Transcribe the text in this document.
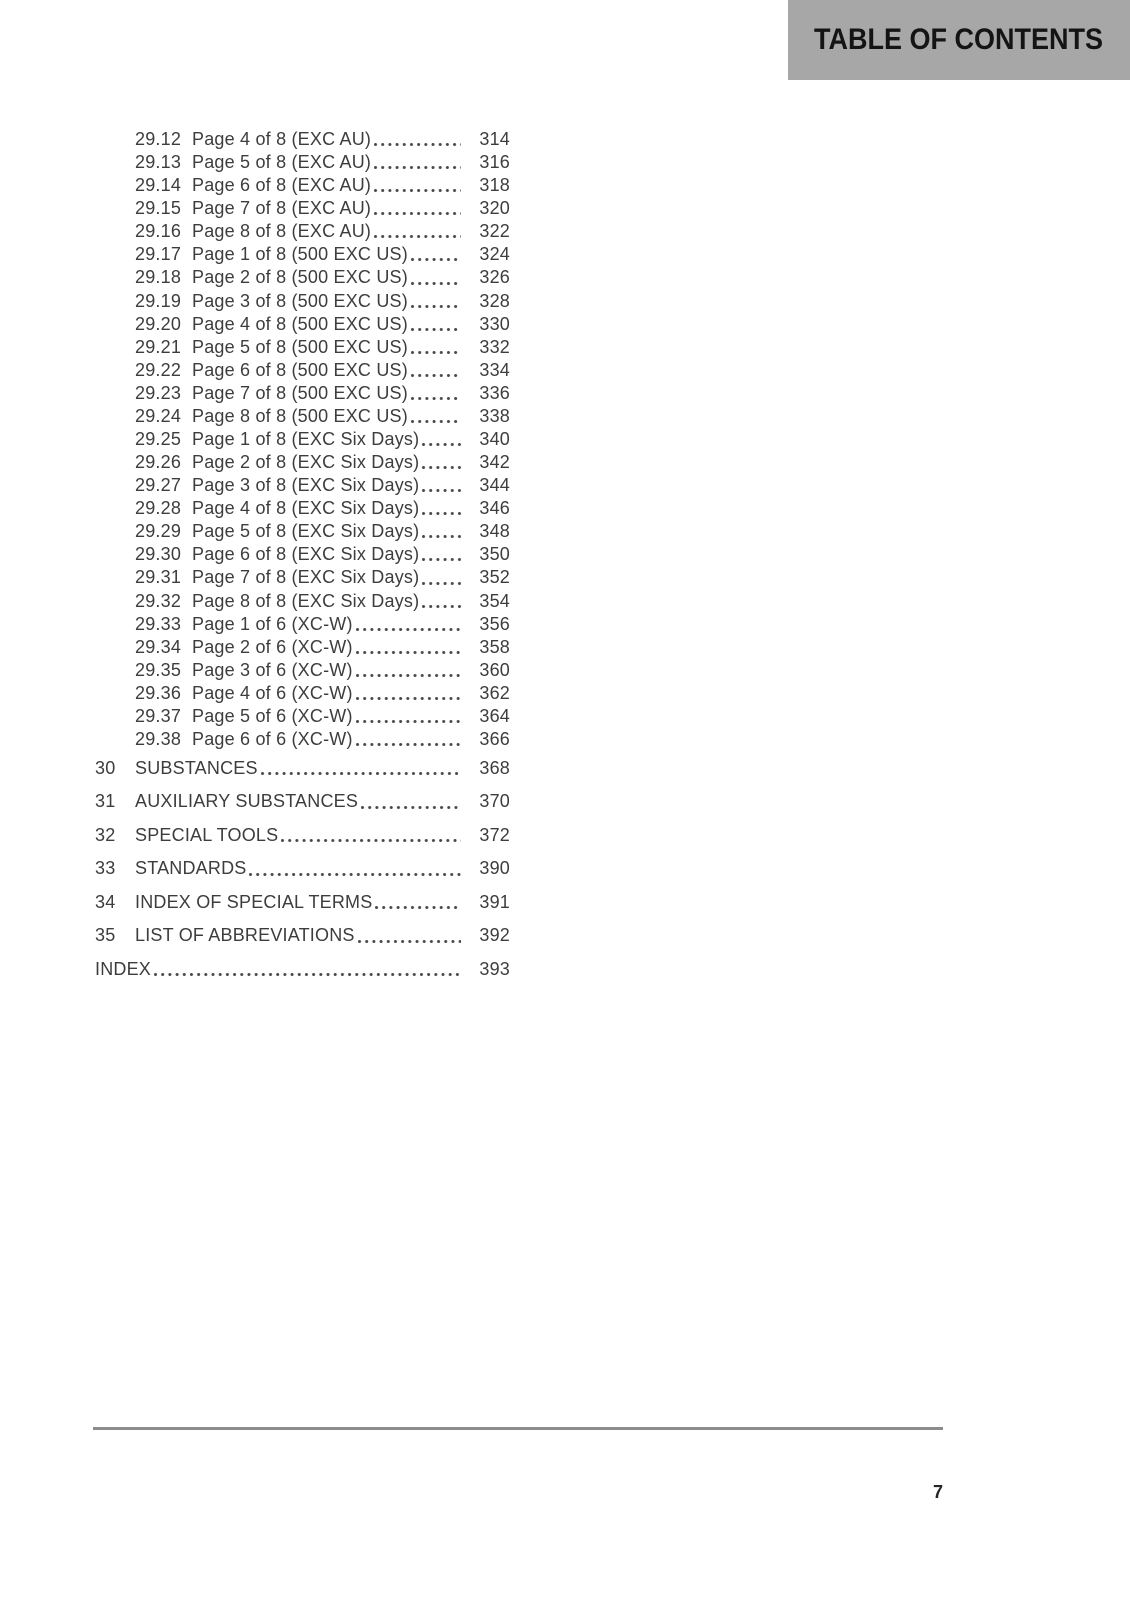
TABLE OF CONTENTS
29.12 Page 4 of 8 (EXC AU)	314
29.13 Page 5 of 8 (EXC AU)	316
29.14 Page 6 of 8 (EXC AU)	318
29.15 Page 7 of 8 (EXC AU)	320
29.16 Page 8 of 8 (EXC AU)	322
29.17 Page 1 of 8 (500 EXC US)	324
29.18 Page 2 of 8 (500 EXC US)	326
29.19 Page 3 of 8 (500 EXC US)	328
29.20 Page 4 of 8 (500 EXC US)	330
29.21 Page 5 of 8 (500 EXC US)	332
29.22 Page 6 of 8 (500 EXC US)	334
29.23 Page 7 of 8 (500 EXC US)	336
29.24 Page 8 of 8 (500 EXC US)	338
29.25 Page 1 of 8 (EXC Six Days)	340
29.26 Page 2 of 8 (EXC Six Days)	342
29.27 Page 3 of 8 (EXC Six Days)	344
29.28 Page 4 of 8 (EXC Six Days)	346
29.29 Page 5 of 8 (EXC Six Days)	348
29.30 Page 6 of 8 (EXC Six Days)	350
29.31 Page 7 of 8 (EXC Six Days)	352
29.32 Page 8 of 8 (EXC Six Days)	354
29.33 Page 1 of 6 (XC-W)	356
29.34 Page 2 of 6 (XC-W)	358
29.35 Page 3 of 6 (XC-W)	360
29.36 Page 4 of 6 (XC-W)	362
29.37 Page 5 of 6 (XC-W)	364
29.38 Page 6 of 6 (XC-W)	366
30	SUBSTANCES	368
31	AUXILIARY SUBSTANCES	370
32	SPECIAL TOOLS	372
33	STANDARDS	390
34	INDEX OF SPECIAL TERMS	391
35	LIST OF ABBREVIATIONS	392
INDEX	393
7
